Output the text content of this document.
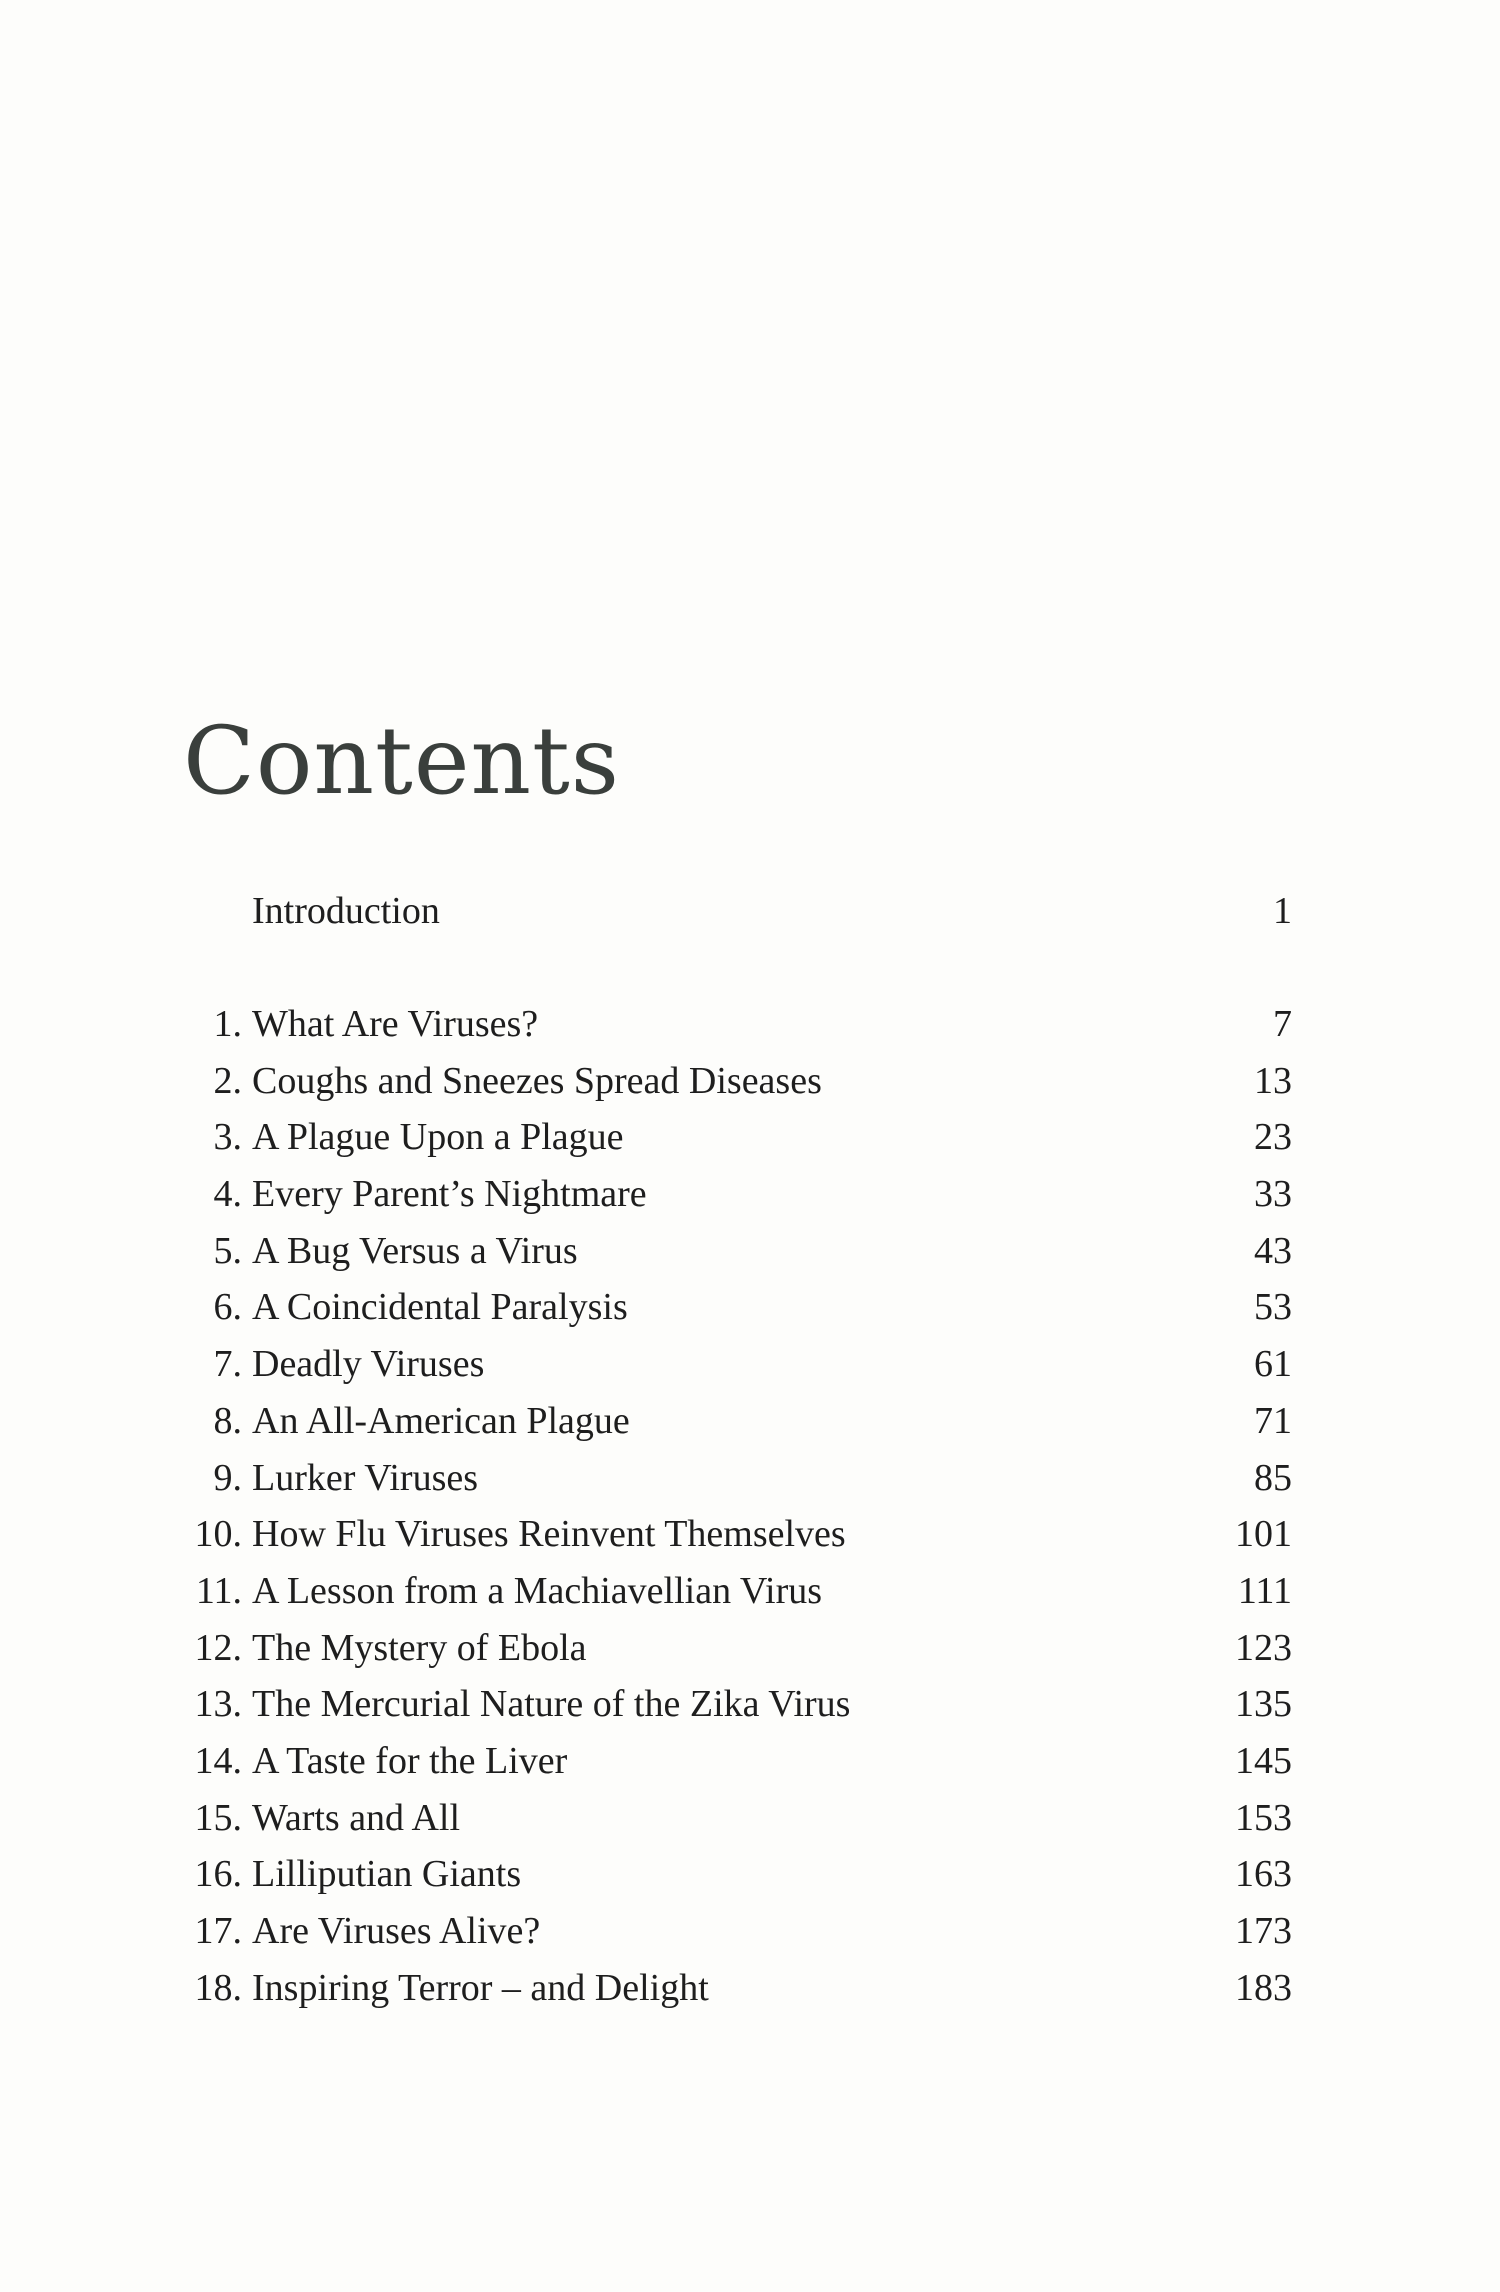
Contents
Introduction	1
1. What Are Viruses?	7
2. Coughs and Sneezes Spread Diseases	13
3. A Plague Upon a Plague	23
4. Every Parent’s Nightmare	33
5. A Bug Versus a Virus	43
6. A Coincidental Paralysis	53
7. Deadly Viruses	61
8. An All-American Plague	71
9. Lurker Viruses	85
10. How Flu Viruses Reinvent Themselves	101
11. A Lesson from a Machiavellian Virus	111
12. The Mystery of Ebola	123
13. The Mercurial Nature of the Zika Virus	135
14. A Taste for the Liver	145
15. Warts and All	153
16. Lilliputian Giants	163
17. Are Viruses Alive?	173
18. Inspiring Terror – and Delight	183
